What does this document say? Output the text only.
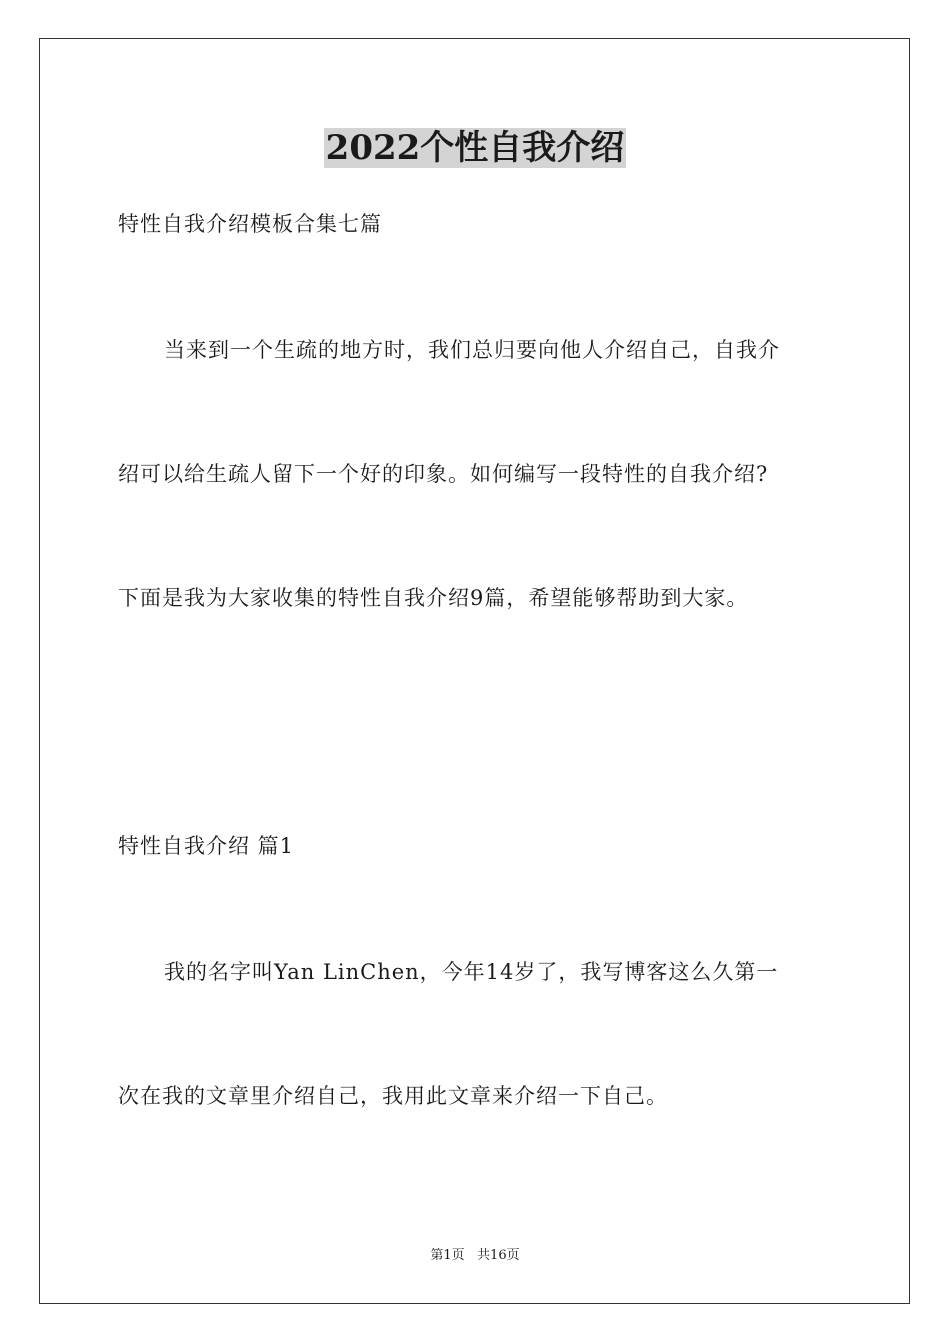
2022个性自我介绍
特性自我介绍模板合集七篇
当来到一个生疏的地方时，我们总归要向他人介绍自己，自我介
绍可以给生疏人留下一个好的印象。如何编写一段特性的自我介绍?
下面是我为大家收集的特性自我介绍9篇，希望能够帮助到大家。
特性自我介绍 篇1
我的名字叫Yan LinChen，今年14岁了，我写博客这么久第一
次在我的文章里介绍自己，我用此文章来介绍一下自己。
第1页   共16页
